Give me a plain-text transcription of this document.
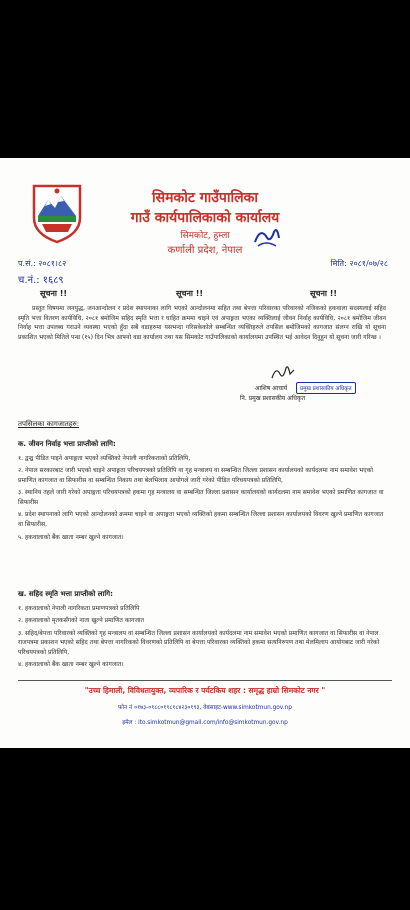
सिमकोट गाउँपालिका
गाउँ कार्यपालिकाको कार्यालय
सिमकोट, हुम्ला
कर्णाली प्रदेश, नेपाल
प.सं.: २०८१।८२
च.नं.: १६८९
मिति: २०८१/०७/२८
सूचना !!	सूचना !!	सूचना !!
प्रस्तुत विषयमा जनयुद्ध, जनआन्दोलन र प्रदेश स्थापनाका लागि भएको आन्दोलनमा सहित तथा बेपत्ता परिवारका परिवारको नजिकको हकवाला सदस्यलाई सहिद स्मृति भत्ता वितरण कार्यविधि, २०८१ बमोजिम सहिद स्मृति भत्ता र घाहित क्रममा चाइने एवं अपाङ्गता भएका व्यक्तिलाई जीवन निर्वाह कार्यविधि, २०८१ बमोजिम जीवन निर्वाह भत्ता उपलब्ध गराउने व्यवस्था भएको हुँदा सबै वडाहरुमा यसभन्दा गरिसकेकोले सम्बन्धित व्यक्तिहरुले तपसिल बमोजिमको कागजात संलग्न राखि यो सूचना प्रकाशित भएको मितिले पन्ध्र (१५) दिन भित्र आफ्नो वडा कार्यालय तथा यस सिमकोट गाउँपालिकाको कार्यालयमा उपस्थित भई आवेदन दिनुहुन यो सूचना जारी गरिन्छ ।
आशिष आचार्य	प्रमुख प्रशासकीय अधिकृत
नि. प्रमुख प्रशासकीय अधिकृत
तपसिलका कागजातहरु:
क. जीवन निर्वाह भत्ता प्राप्तीको लागि:
१. द्वन्द्व पीडित पाइने अपाङ्गता भएको व्यक्तिको नेपाली नागरिकताको प्रतिलिपि,
२. नेपाल सरकारबाट जारी भएको चाइने अपाङ्गता परिचयपत्रको प्रतिलिपि वा गृह मन्त्रालय वा सम्बन्धित जिल्ला प्रशासन कार्यालयको कार्यदलमा नाम समावेश भएको प्रमाणित कागजात वा सिफारीस वा सम्बन्धित निकाय तथा बेलभिलाय आयोगले जारी गरेको पीडित परिचयपत्रको प्रतिलिपि,
३. स्थानिय तहले जारी गरेको अपाङ्गता परिचयपत्रको हकमा गृह मन्त्रालय वा सम्बन्धित जिल्ला प्रशासन कार्यालयको कार्यदलमा नाम समावेश भएको प्रमाणित कागजात वा सिफारीस
४. प्रदेश स्थापनाको लागि भएको आन्दोलनको क्रममा चाइने वा अपाङ्गता भएको व्यक्तिको हकमा सम्बन्धित जिल्ला प्रशासन कार्यालयको विवरण खुल्ने प्रमाणित कागजात वा सिफारीस,
५. हकवालाको बैंक खाता नम्बर खुल्ने कागजात।
ख. सहिद स्मृति भत्ता प्राप्तीको लागि:
१. हकवालाको नेपाली नागरिकता प्रमाणपत्रको प्रतिलिपि
२. हकवालाको मृतकसँगको नाता खुल्ने प्रमाणित कागजात
३. सहिद/बेपत्ता परिवारको व्यक्तिको गृह मन्त्रालय वा सम्बन्धित जिल्ला प्रशासन कार्यालयको कार्यदलमा नाम समावेश भएको प्रमाणित कागजात वा सिफारीस वा नेपाल राजपत्रमा प्रकाशन भएको सहिद तथा बेपत्ता नागरिकको विवरणको प्रतिलिपि वा बेपत्ता परिवारका व्यक्तिको हकमा सत्यनिरुपण तथा मेलमिलाप आयोगबाट जारी गरेको परिचयपत्रको प्रतिलिपि,
४. हकवालाको बैंक खाता नम्बर खुल्ने कागजात।
"उच्च हिमाली, विविधतायुक्त, व्यपारिक र पर्यटकिय शहर : समृद्ध हाम्रो सिमकोट नगर "
फोन नं ०१७३-०१८८०१९८१८४२३०१९३, वेबसाइट-www.simkotmun.gov.np
इमेल : ito.simkotmun@gmail.com/info@simkotmun.gov.np
